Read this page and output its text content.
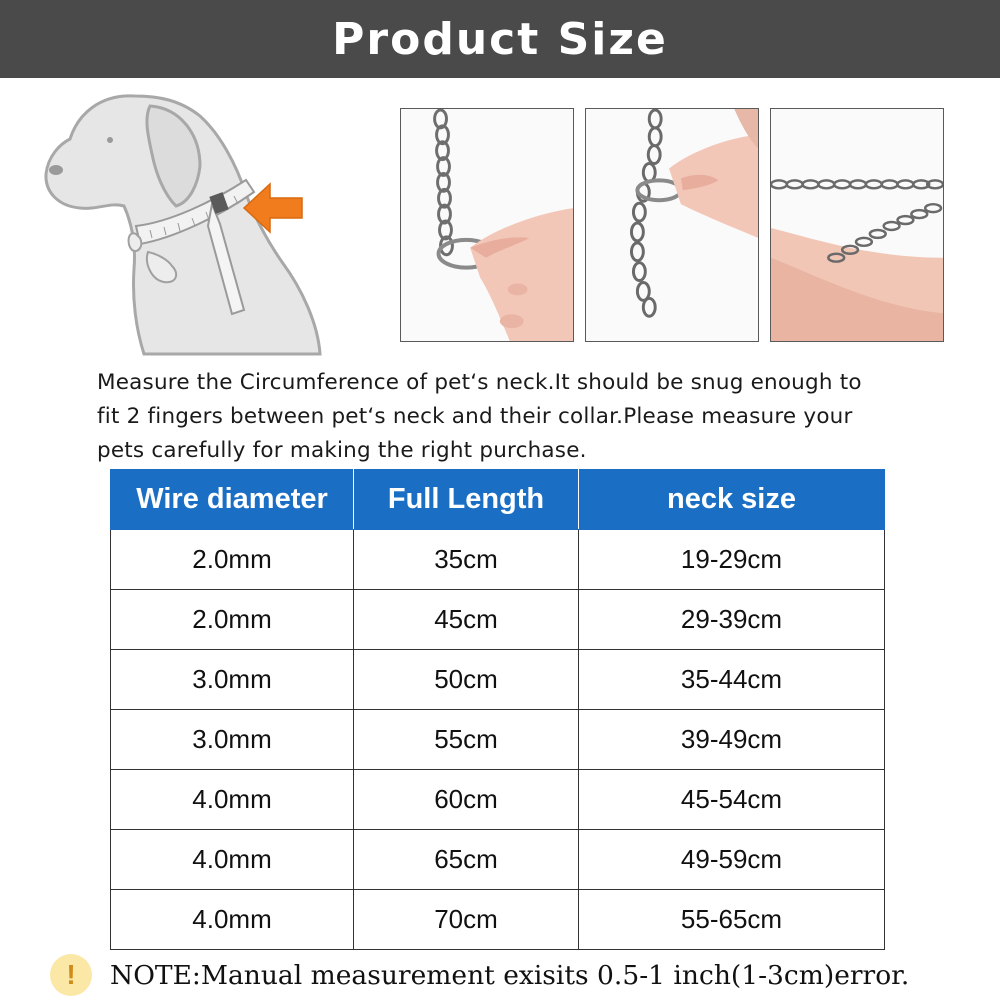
Product Size
Measure the Circumference of pet‘s neck.It should be snug enough to
fit 2 fingers between pet‘s neck and their collar.Please measure your
pets carefully for making the right purchase.
Wire diameter	Full Length	neck size
2.0mm	35cm	19-29cm
2.0mm	45cm	29-39cm
3.0mm	50cm	35-44cm
3.0mm	55cm	39-49cm
4.0mm	60cm	45-54cm
4.0mm	65cm	49-59cm
4.0mm	70cm	55-65cm
!	NOTE:Manual measurement exisits 0.5-1 inch(1-3cm)error.
